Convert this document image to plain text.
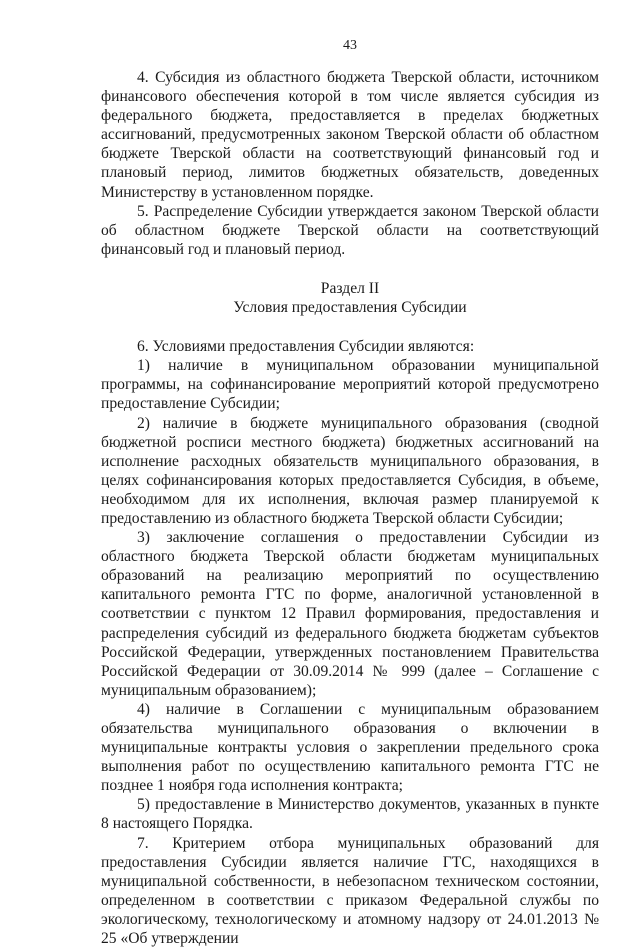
43

4. Субсидия из областного бюджета Тверской области, источником финансового обеспечения которой в том числе является субсидия из федерального бюджета, предоставляется в пределах бюджетных ассигнований, предусмотренных законом Тверской области об областном бюджете Тверской области на соответствующий финансовый год и плановый период, лимитов бюджетных обязательств, доведенных Министерству в установленном порядке.

5. Распределение Субсидии утверждается законом Тверской области об областном бюджете Тверской области на соответствующий финансовый год и плановый период.

Раздел II
Условия предоставления Субсидии

6. Условиями предоставления Субсидии являются:

1) наличие в муниципальном образовании муниципальной программы, на софинансирование мероприятий которой предусмотрено предоставление Субсидии;

2) наличие в бюджете муниципального образования (сводной бюджетной росписи местного бюджета) бюджетных ассигнований на исполнение расходных обязательств муниципального образования, в целях софинансирования которых предоставляется Субсидия, в объеме, необходимом для их исполнения, включая размер планируемой к предоставлению из областного бюджета Тверской области Субсидии;

3) заключение соглашения о предоставлении Субсидии из областного бюджета Тверской области бюджетам муниципальных образований на реализацию мероприятий по осуществлению капитального ремонта ГТС по форме, аналогичной установленной в соответствии с пунктом 12 Правил формирования, предоставления и распределения субсидий из федерального бюджета бюджетам субъектов Российской Федерации, утвержденных постановлением Правительства Российской Федерации от 30.09.2014 № 999 (далее – Соглашение с муниципальным образованием);

4) наличие в Соглашении с муниципальным образованием обязательства муниципального образования о включении в муниципальные контракты условия о закреплении предельного срока выполнения работ по осуществлению капитального ремонта ГТС не позднее 1 ноября года исполнения контракта;

5) предоставление в Министерство документов, указанных в пункте 8 настоящего Порядка.

7. Критерием отбора муниципальных образований для предоставления Субсидии является наличие ГТС, находящихся в муниципальной собственности, в небезопасном техническом состоянии, определенном в соответствии с приказом Федеральной службы по экологическому, технологическому и атомному надзору от 24.01.2013 № 25 «Об утверждении
